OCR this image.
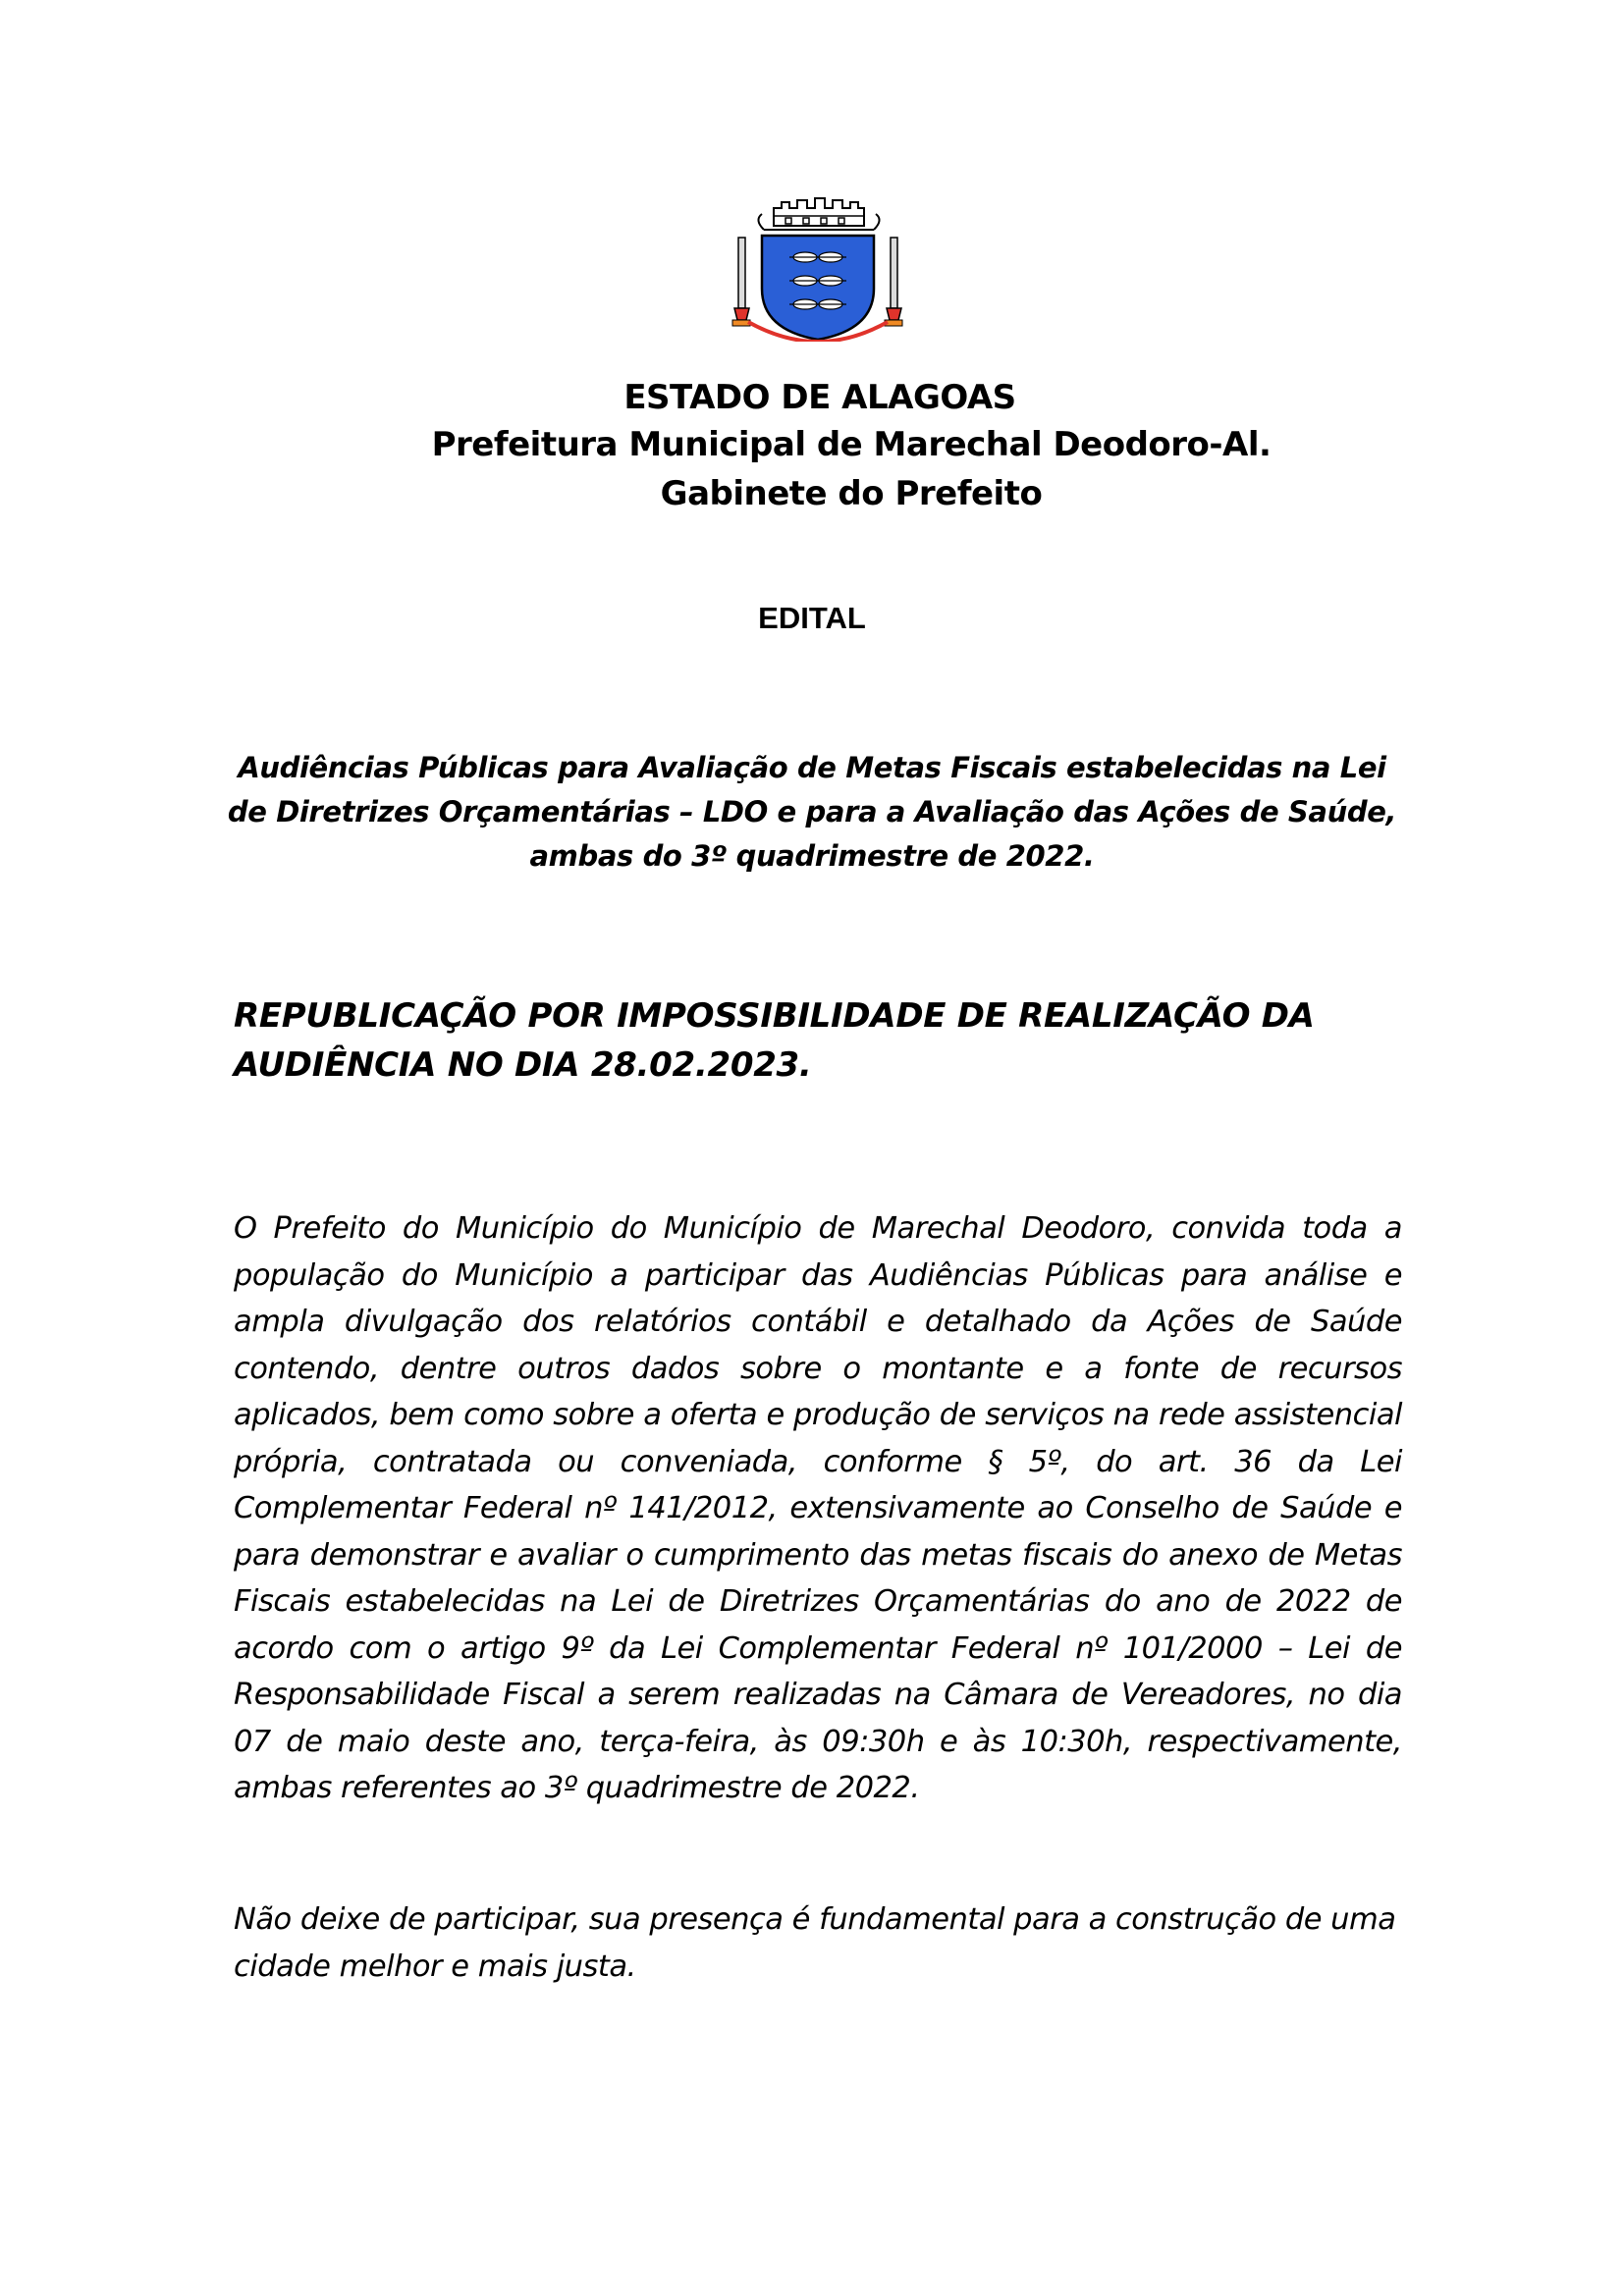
ESTADO DE ALAGOAS
Prefeitura Municipal de Marechal Deodoro-Al.
Gabinete do Prefeito
EDITAL
Audiências Públicas para Avaliação de Metas Fiscais estabelecidas na Lei de Diretrizes Orçamentárias – LDO e para a Avaliação das Ações de Saúde, ambas do 3º quadrimestre de 2022.
REPUBLICAÇÃO POR IMPOSSIBILIDADE DE REALIZAÇÃO DA AUDIÊNCIA NO DIA 28.02.2023.
O Prefeito do Município do Município de Marechal Deodoro, convida toda a população do Município a participar das Audiências Públicas para análise e ampla divulgação dos relatórios contábil e detalhado da Ações de Saúde contendo, dentre outros dados sobre o montante e a fonte de recursos aplicados, bem como sobre a oferta e produção de serviços na rede assistencial própria, contratada ou conveniada, conforme § 5º, do art. 36 da Lei Complementar Federal nº 141/2012, extensivamente ao Conselho de Saúde e para demonstrar e avaliar o cumprimento das metas fiscais do anexo de Metas Fiscais estabelecidas na Lei de Diretrizes Orçamentárias do ano de 2022 de acordo com o artigo 9º da Lei Complementar Federal nº 101/2000 – Lei de Responsabilidade Fiscal a serem realizadas na Câmara de Vereadores, no dia 07 de maio deste ano, terça-feira, às 09:30h e às 10:30h, respectivamente, ambas referentes ao 3º quadrimestre de 2022.
Não deixe de participar, sua presença é fundamental para a construção de uma cidade melhor e mais justa.
